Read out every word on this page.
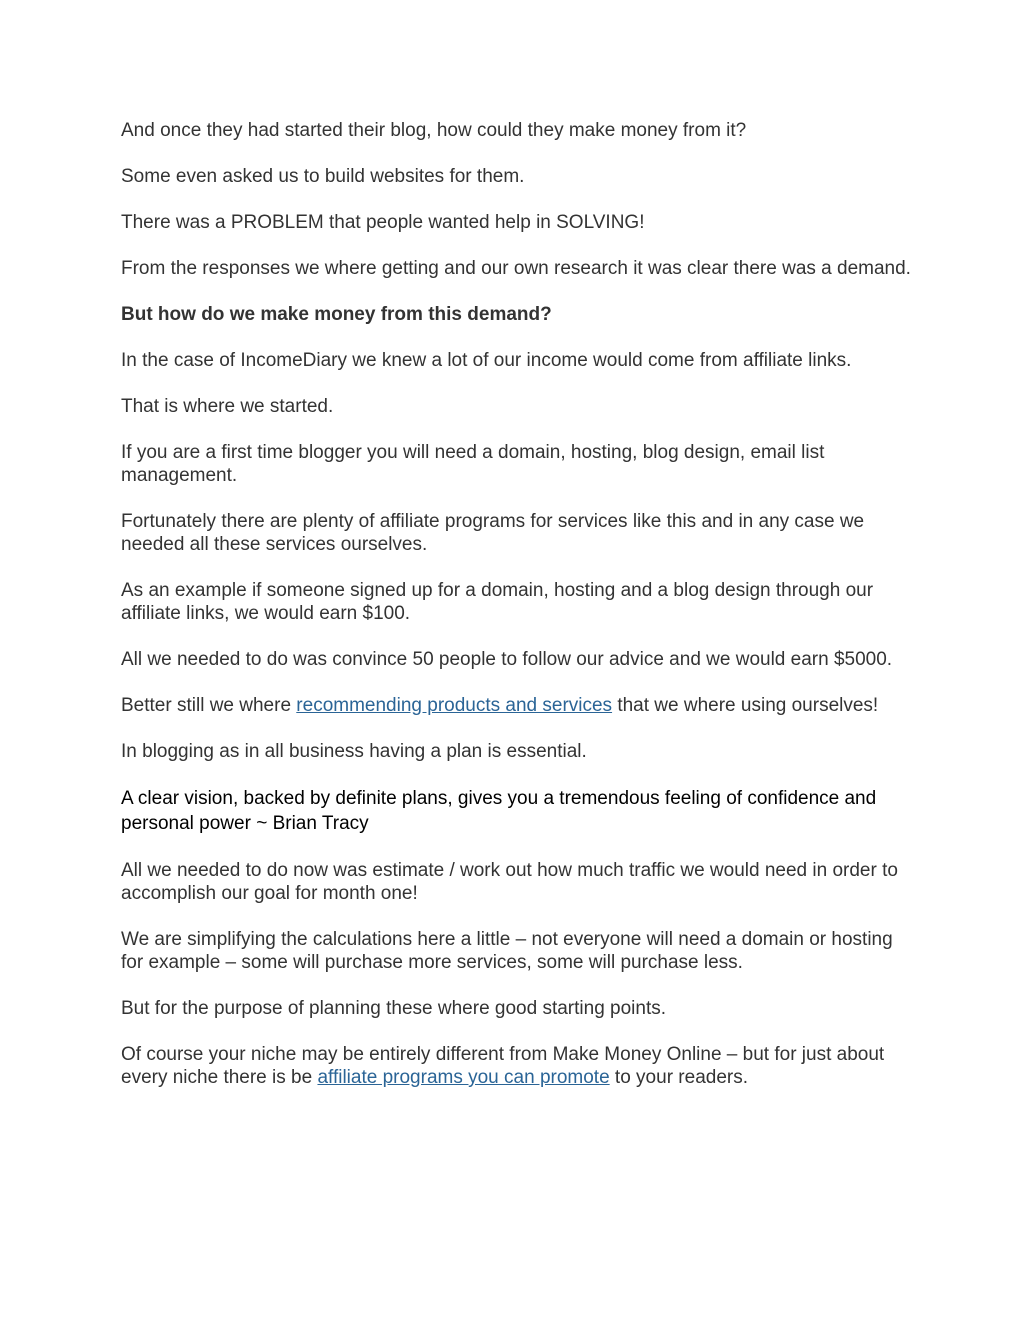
And once they had started their blog, how could they make money from it?

Some even asked us to build websites for them.

There was a PROBLEM that people wanted help in SOLVING!

From the responses we where getting and our own research it was clear there was a demand.

But how do we make money from this demand?

In the case of IncomeDiary we knew a lot of our income would come from affiliate links.

That is where we started.

If you are a first time blogger you will need a domain, hosting, blog design, email list management.

Fortunately there are plenty of affiliate programs for services like this and in any case we needed all these services ourselves.

As an example if someone signed up for a domain, hosting and a blog design through our affiliate links, we would earn $100.

All we needed to do was convince 50 people to follow our advice and we would earn $5000.

Better still we where recommending products and services that we where using ourselves!

In blogging as in all business having a plan is essential.

A clear vision, backed by definite plans, gives you a tremendous feeling of confidence and personal power ~ Brian Tracy

All we needed to do now was estimate / work out how much traffic we would need in order to accomplish our goal for month one!

We are simplifying the calculations here a little – not everyone will need a domain or hosting for example – some will purchase more services, some will purchase less.

But for the purpose of planning these where good starting points.

Of course your niche may be entirely different from Make Money Online – but for just about every niche there is be affiliate programs you can promote to your readers.
